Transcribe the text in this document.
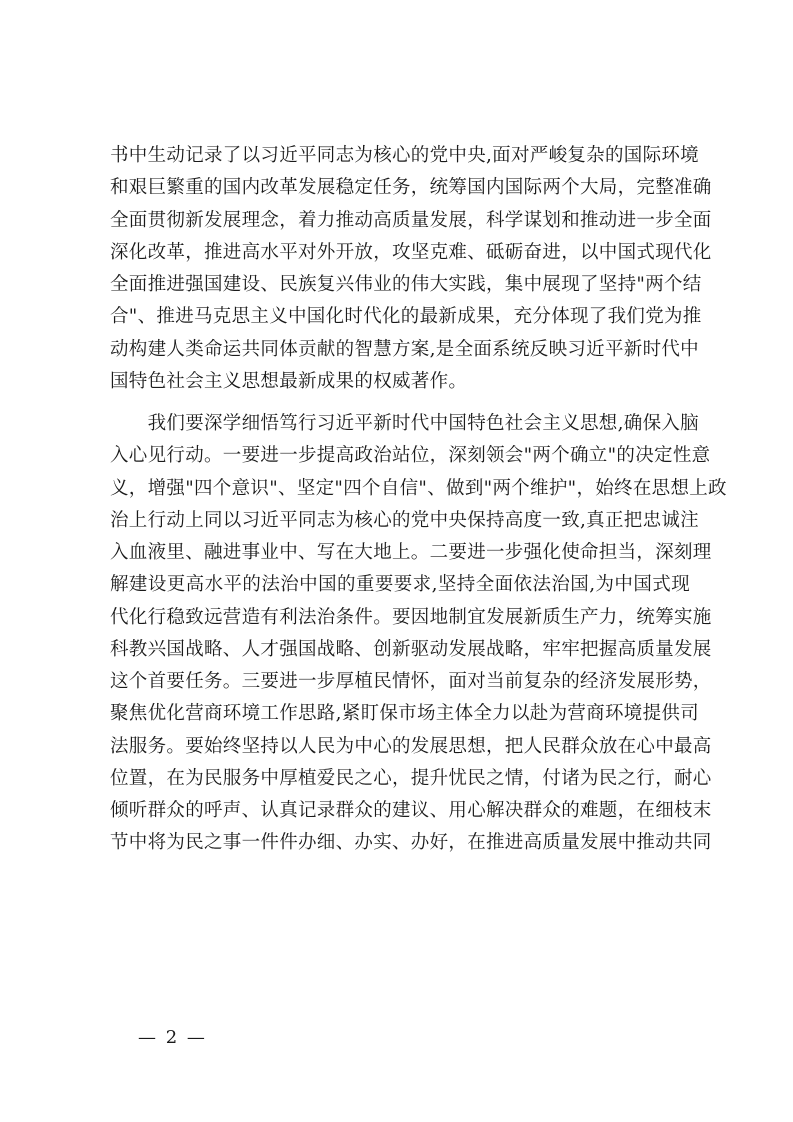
书中生动记录了以习近平同志为核心的党中央,面对严峻复杂的国际环境
和艰巨繁重的国内改革发展稳定任务，统筹国内国际两个大局，完整准确
全面贯彻新发展理念，着力推动高质量发展，科学谋划和推动进一步全面
深化改革，推进高水平对外开放，攻坚克难、砥砺奋进，以中国式现代化
全面推进强国建设、民族复兴伟业的伟大实践，集中展现了坚持"两个结
合"、推进马克思主义中国化时代化的最新成果，充分体现了我们党为推
动构建人类命运共同体贡献的智慧方案,是全面系统反映习近平新时代中
国特色社会主义思想最新成果的权威著作。
　　我们要深学细悟笃行习近平新时代中国特色社会主义思想,确保入脑
入心见行动。一要进一步提高政治站位，深刻领会"两个确立"的决定性意
义，增强"四个意识"、坚定"四个自信"、做到"两个维护"，始终在思想上政
治上行动上同以习近平同志为核心的党中央保持高度一致,真正把忠诚注
入血液里、融进事业中、写在大地上。二要进一步强化使命担当，深刻理
解建设更高水平的法治中国的重要要求,坚持全面依法治国,为中国式现
代化行稳致远营造有利法治条件。要因地制宜发展新质生产力，统筹实施
科教兴国战略、人才强国战略、创新驱动发展战略，牢牢把握高质量发展
这个首要任务。三要进一步厚植民情怀，面对当前复杂的经济发展形势，
聚焦优化营商环境工作思路,紧盯保市场主体全力以赴为营商环境提供司
法服务。要始终坚持以人民为中心的发展思想，把人民群众放在心中最高
位置，在为民服务中厚植爱民之心，提升忧民之情，付诸为民之行，耐心
倾听群众的呼声、认真记录群众的建议、用心解决群众的难题，在细枝末
节中将为民之事一件件办细、办实、办好，在推进高质量发展中推动共同
— 2 —
